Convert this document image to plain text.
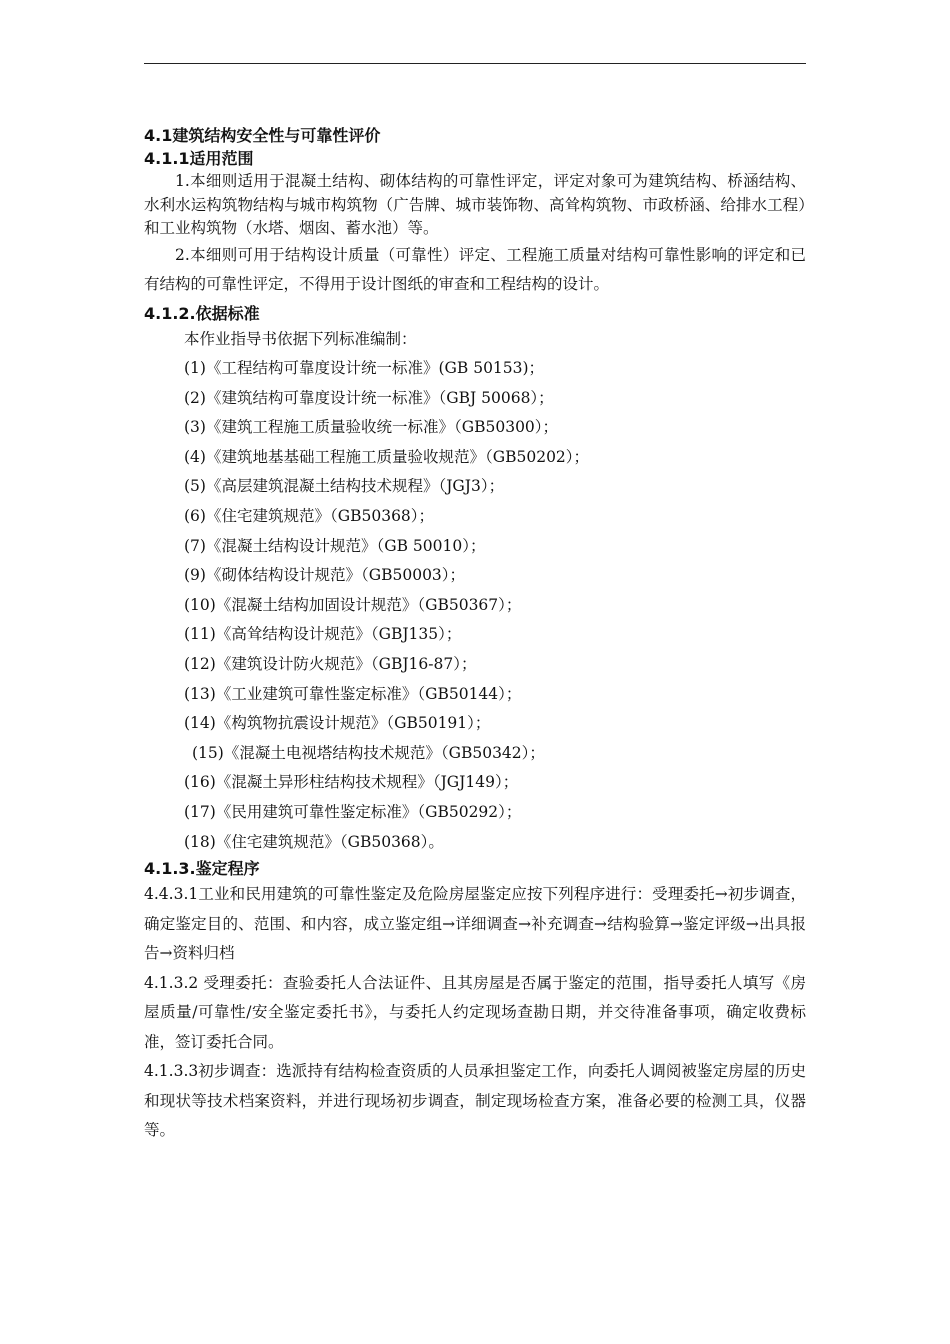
4.1建筑结构安全性与可靠性评价
4.1.1适用范围
1.本细则适用于混凝土结构、砌体结构的可靠性评定，评定对象可为建筑结构、桥涵结构、水利水运构筑物结构与城市构筑物（广告牌、城市装饰物、高耸构筑物、市政桥涵、给排水工程）和工业构筑物（水塔、烟囱、蓄水池）等。
2.本细则可用于结构设计质量（可靠性）评定、工程施工质量对结构可靠性影响的评定和已有结构的可靠性评定，不得用于设计图纸的审查和工程结构的设计。
4.1.2.依据标准
本作业指导书依据下列标准编制：
(1)《工程结构可靠度设计统一标准》(GB 50153)；
(2)《建筑结构可靠度设计统一标准》（GBJ 50068）；
(3)《建筑工程施工质量验收统一标准》（GB50300）；
(4)《建筑地基基础工程施工质量验收规范》（GB50202）；
(5)《高层建筑混凝土结构技术规程》（JGJ3）；
(6)《住宅建筑规范》（GB50368）；
(7)《混凝土结构设计规范》（GB 50010）；
(9)《砌体结构设计规范》（GB50003）；
(10)《混凝土结构加固设计规范》（GB50367）；
(11)《高耸结构设计规范》（GBJ135）；
(12)《建筑设计防火规范》（GBJ16-87）；
(13)《工业建筑可靠性鉴定标准》（GB50144）；
(14)《构筑物抗震设计规范》（GB50191）；
(15)《混凝土电视塔结构技术规范》（GB50342）；
(16)《混凝土异形柱结构技术规程》（JGJ149）；
(17)《民用建筑可靠性鉴定标准》（GB50292）；
(18)《住宅建筑规范》（GB50368）。
4.1.3.鉴定程序
4.4.3.1工业和民用建筑的可靠性鉴定及危险房屋鉴定应按下列程序进行：受理委托→初步调查，确定鉴定目的、范围、和内容，成立鉴定组→详细调查→补充调查→结构验算→鉴定评级→出具报告→资料归档
4.1.3.2 受理委托：查验委托人合法证件、且其房屋是否属于鉴定的范围，指导委托人填写《房屋质量/可靠性/安全鉴定委托书》，与委托人约定现场查勘日期，并交待准备事项，确定收费标准，签订委托合同。
4.1.3.3初步调查：选派持有结构检查资质的人员承担鉴定工作，向委托人调阅被鉴定房屋的历史和现状等技术档案资料，并进行现场初步调查，制定现场检查方案，准备必要的检测工具，仪器等。
